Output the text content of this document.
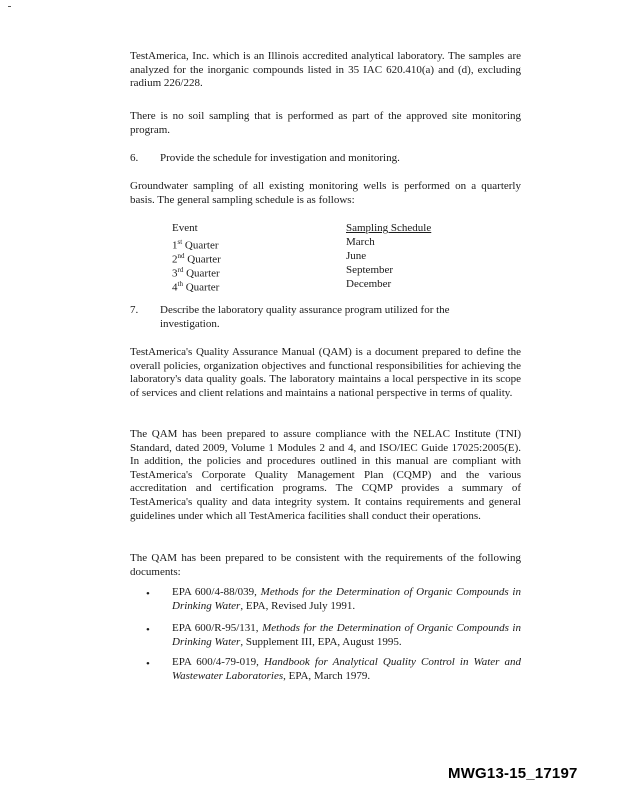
TestAmerica, Inc. which is an Illinois accredited analytical laboratory. The samples are analyzed for the inorganic compounds listed in 35 IAC 620.410(a) and (d), excluding radium 226/228.
There is no soil sampling that is performed as part of the approved site monitoring program.
6. Provide the schedule for investigation and monitoring.
Groundwater sampling of all existing monitoring wells is performed on a quarterly basis. The general sampling schedule is as follows:
Event	Sampling Schedule
1st Quarter	March
2nd Quarter	June
3rd Quarter	September
4th Quarter	December
7. Describe the laboratory quality assurance program utilized for the investigation.
TestAmerica's Quality Assurance Manual (QAM) is a document prepared to define the overall policies, organization objectives and functional responsibilities for achieving the laboratory's data quality goals. The laboratory maintains a local perspective in its scope of services and client relations and maintains a national perspective in terms of quality.
The QAM has been prepared to assure compliance with the NELAC Institute (TNI) Standard, dated 2009, Volume 1 Modules 2 and 4, and ISO/IEC Guide 17025:2005(E). In addition, the policies and procedures outlined in this manual are compliant with TestAmerica's Corporate Quality Management Plan (CQMP) and the various accreditation and certification programs. The CQMP provides a summary of TestAmerica's quality and data integrity system. It contains requirements and general guidelines under which all TestAmerica facilities shall conduct their operations.
The QAM has been prepared to be consistent with the requirements of the following documents:
• EPA 600/4-88/039, Methods for the Determination of Organic Compounds in Drinking Water, EPA, Revised July 1991.
• EPA 600/R-95/131, Methods for the Determination of Organic Compounds in Drinking Water, Supplement III, EPA, August 1995.
• EPA 600/4-79-019, Handbook for Analytical Quality Control in Water and Wastewater Laboratories, EPA, March 1979.
MWG13-15_17197
